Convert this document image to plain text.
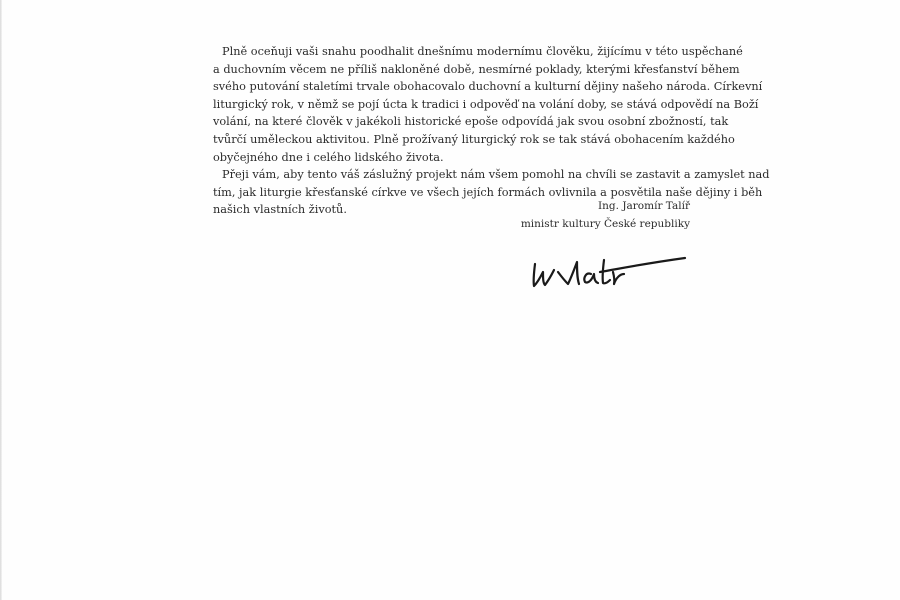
Plně oceňuji vaši snahu poodhalit dnešnímu modernímu člověku, žijícímu v této uspěchané
a duchovním věcem ne příliš nakloněné době, nesmírné poklady, kterými křesťanství během
svého putování staletími trvale obohacovalo duchovní a kulturní dějiny našeho národa. Církevní
liturgický rok, v němž se pojí úcta k tradici i odpověď na volání doby, se stává odpovědí na Boží
volání, na které člověk v jakékoli historické epoše odpovídá jak svou osobní zbožností, tak
tvůrčí uměleckou aktivitou. Plně prožívaný liturgický rok se tak stává obohacením každého
obyčejného dne i celého lidského života.

Přeji vám, aby tento váš záslužný projekt nám všem pomohl na chvíli se zastavit a zamyslet nad
tím, jak liturgie křesťanské církve ve všech jejích formách ovlivnila a posvětila naše dějiny i běh
našich vlastních životů.	Ing. Jaromír Talíř
ministr kultury České republiky
